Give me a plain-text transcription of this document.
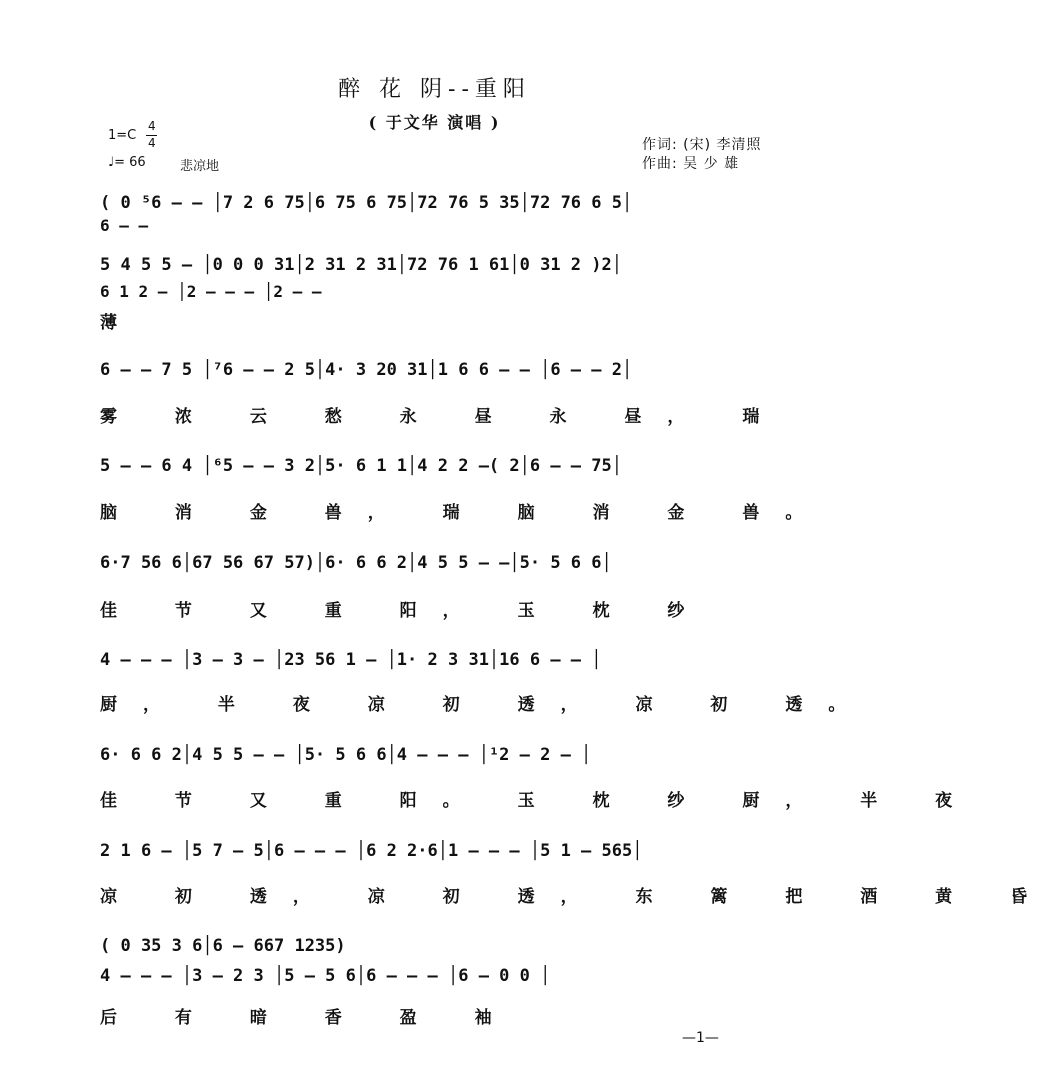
醉 花 阴--重阳
( 于文华 演唱 )
1=C
4
4
♩= 66	悲凉地
作词: (宋) 李清照
作曲: 吴 少 雄
( 0 ⁵6 — — │7 2 6 75│6 75 6 75│72 76 5 35│72 76 6 5│
6 — —
5 4 5 5 — │0 0 0 31│2 31 2 31│72 76 1 61│0 31 2 )2│
6 1 2 — │2 — — — │2 — —
薄
6 — — 7 5 │⁷6 — — 2 5│4· 3 20 31│1 6 6 — — │6 — — 2│
雾 浓 云 愁 永 昼 永 昼， 瑞
5 — — 6 4 │⁶5 — — 3 2│5· 6 1 1│4 2 2 —( 2│6 — — 75│
脑 消 金 兽， 瑞 脑 消 金 兽。
6·7 56 6│67 56 67 57)│6· 6 6 2│4 5 5 — —│5· 5 6 6│
佳 节 又 重 阳， 玉 枕 纱
4 — — — │3 — 3 — │23 56 1 — │1· 2 3 31│16 6 — — │
厨， 半 夜 凉 初 透， 凉 初 透。
6· 6 6 2│4 5 5 — — │5· 5 6 6│4 — — — │¹2 — 2 — │
佳 节 又 重 阳。 玉 枕 纱 厨， 半 夜
2 1 6 — │5 7 — 5│6 — — — │6 2 2·6│1 — — — │5 1 — 565│
凉 初 透， 凉 初 透， 东 篱 把 酒 黄 昏
( 0 35 3 6│6 — 667 1235)
4 — — — │3 — 2 3 │5 — 5 6│6 — — — │6 — 0 0 │
后 有 暗 香 盈 袖
—1—
